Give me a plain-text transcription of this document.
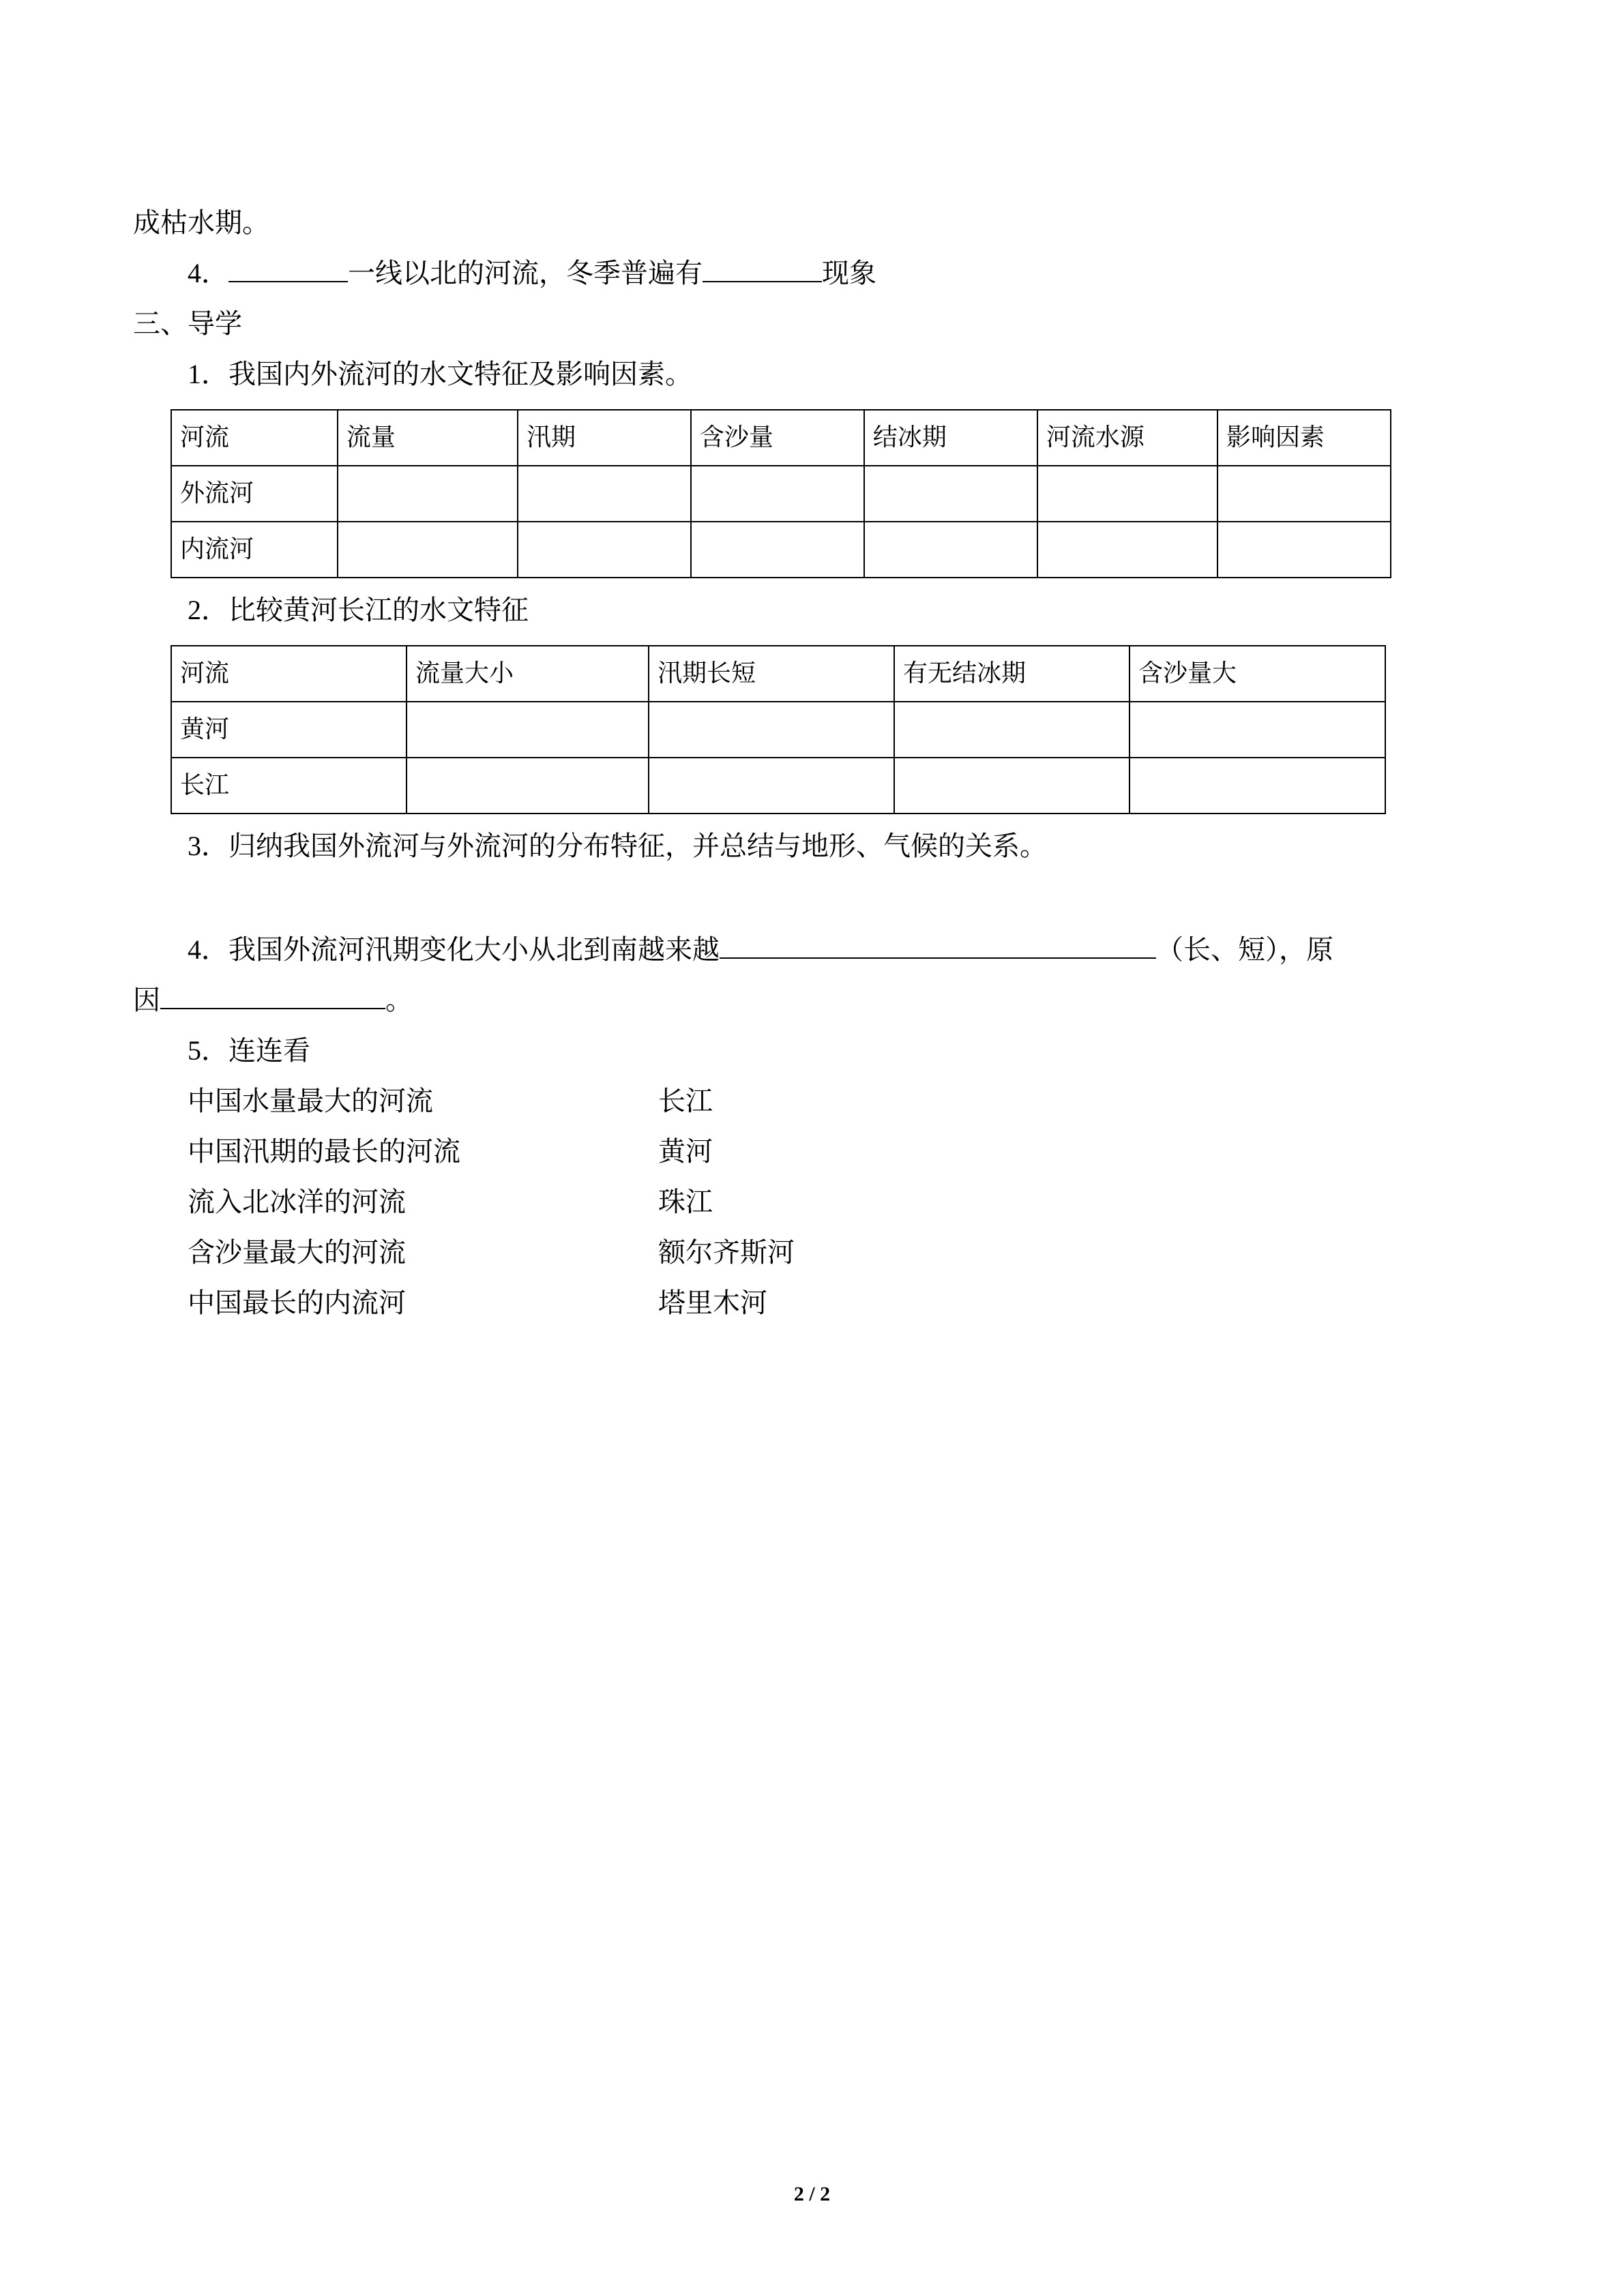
成枯水期。
4．	一线以北的河流，冬季普遍有	现象
三、导学
1．我国内外流河的水文特征及影响因素。
河流	流量	汛期	含沙量	结冰期	河流水源	影响因素
外流河						
内流河						
2．比较黄河长江的水文特征
河流	流量大小	汛期长短	有无结冰期	含沙量大
黄河				
长江				
3．归纳我国外流河与外流河的分布特征，并总结与地形、气候的关系。
4．我国外流河汛期变化大小从北到南越来越	（长、短），原
因	。
5．连连看
中国水量最大的河流	长江
中国汛期的最长的河流	黄河
流入北冰洋的河流	珠江
含沙量最大的河流	额尔齐斯河
中国最长的内流河	塔里木河
2 / 2
